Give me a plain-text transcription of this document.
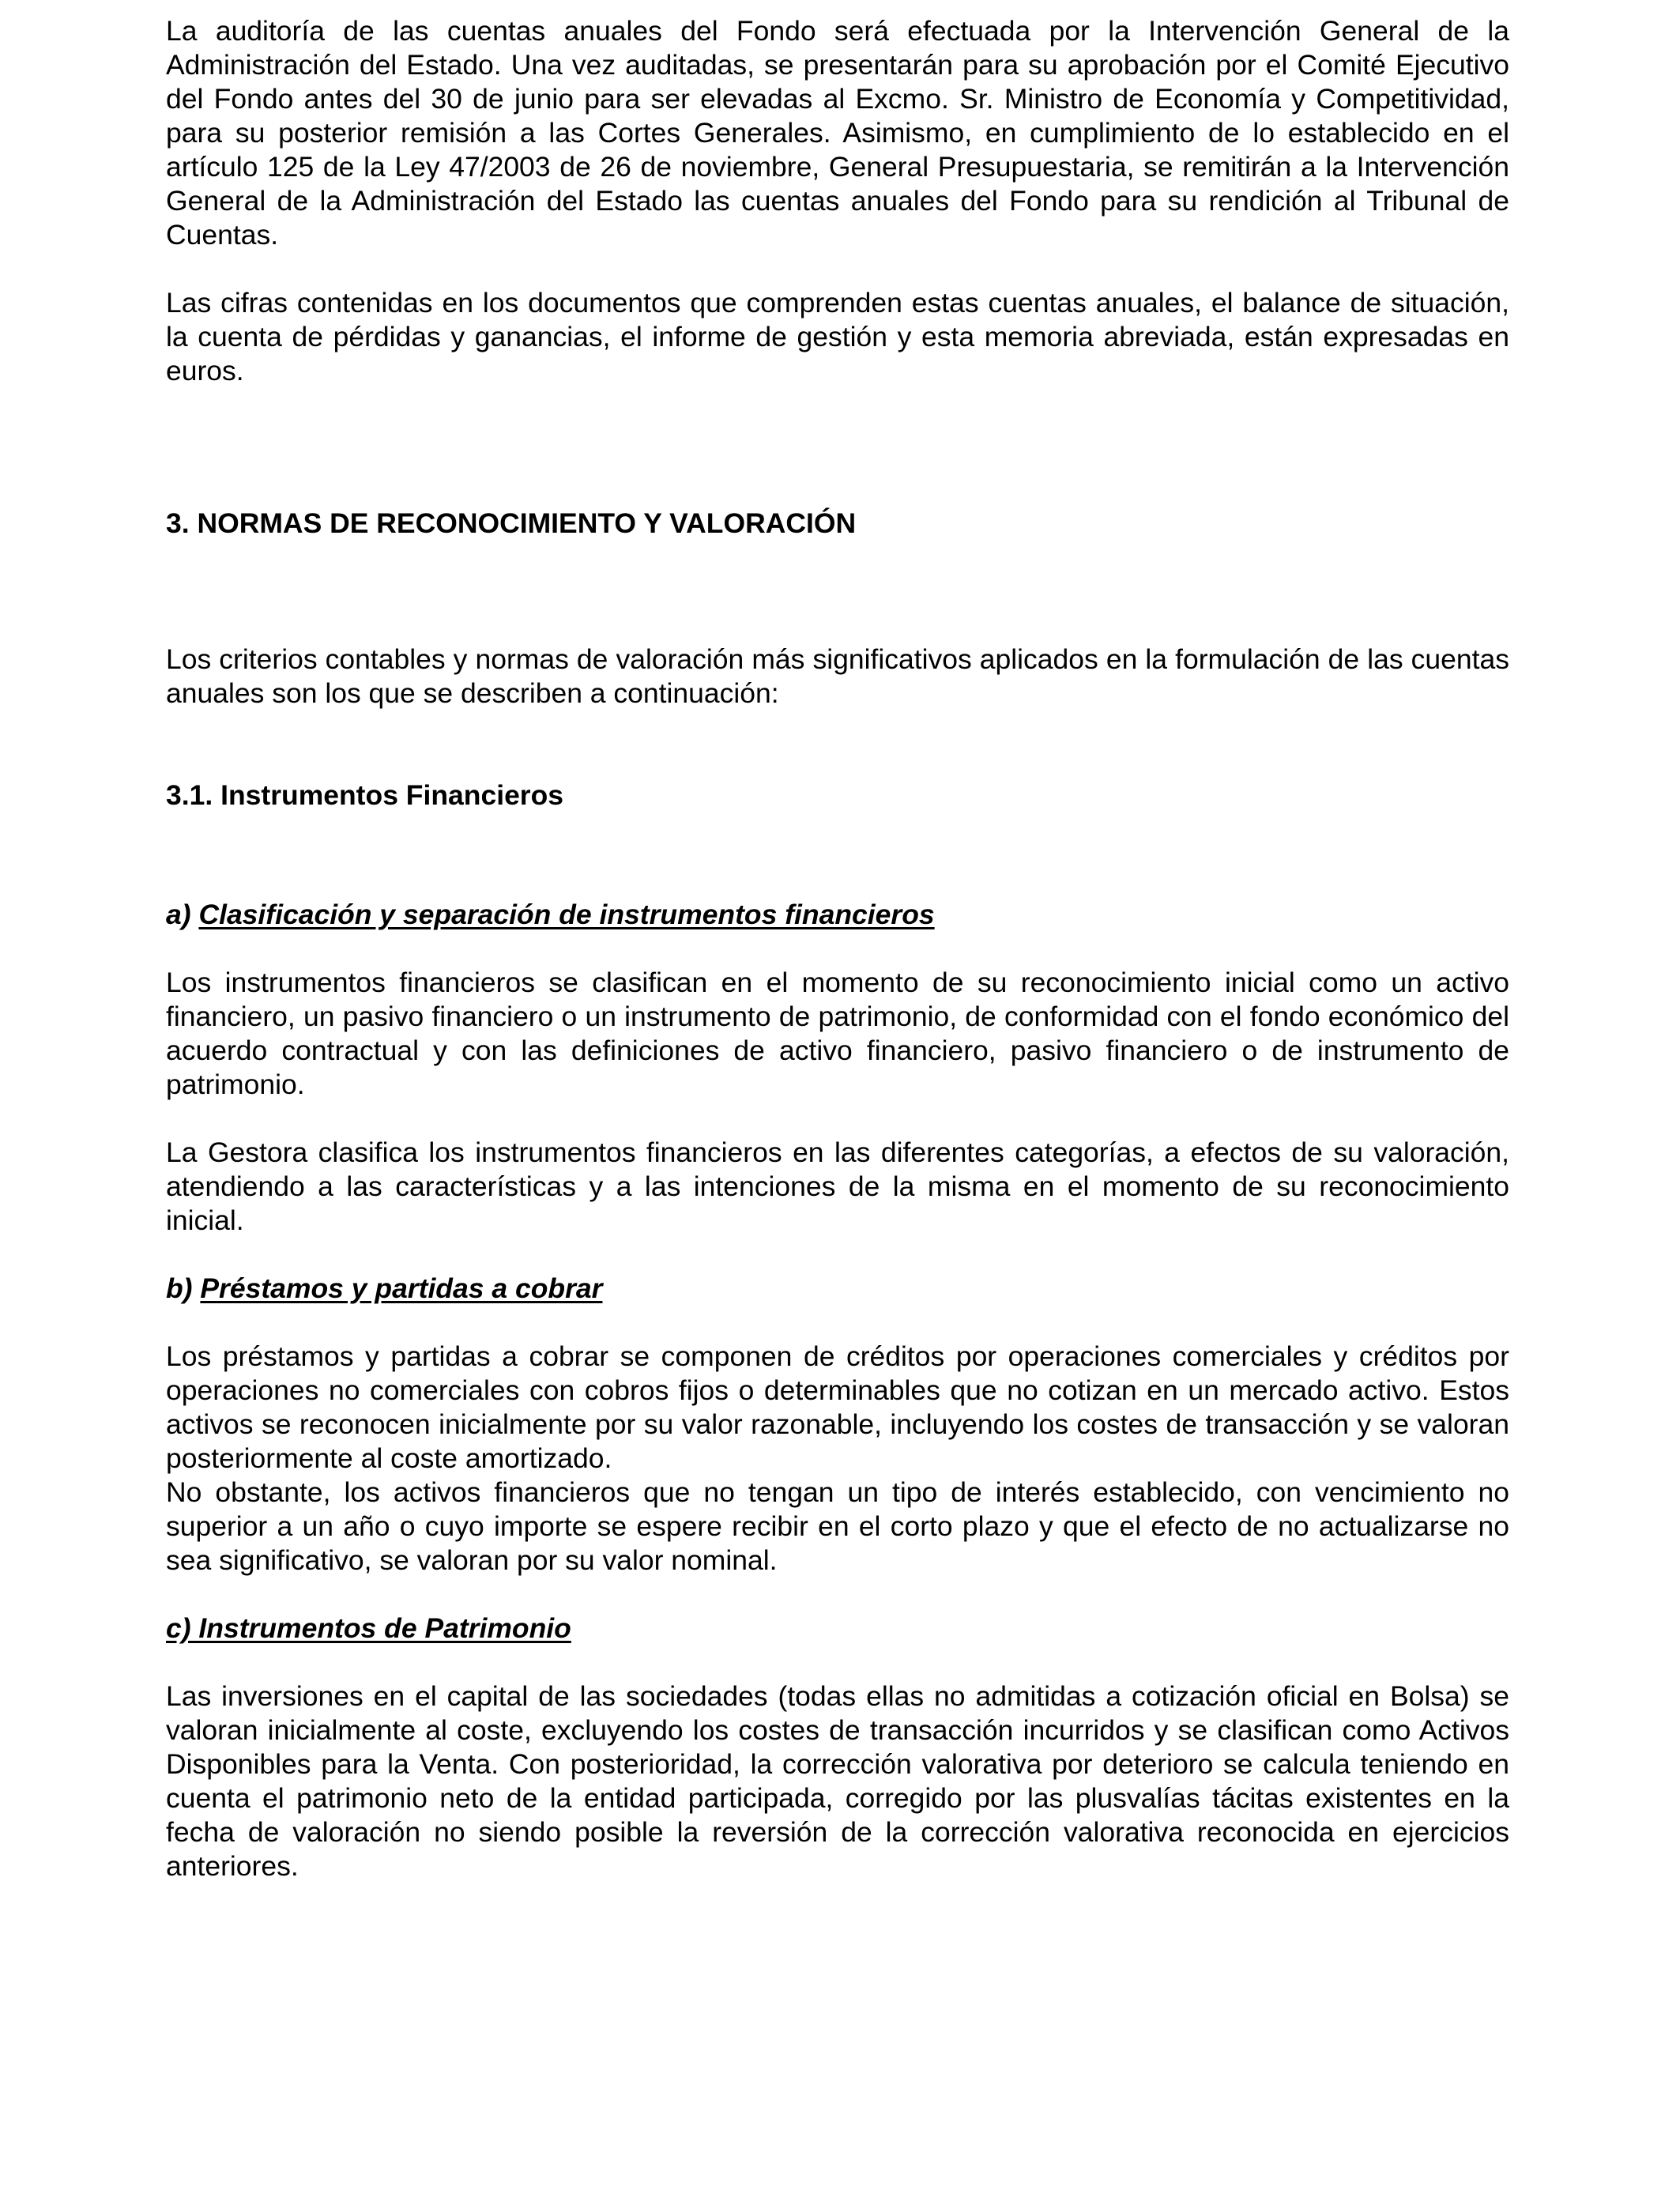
La auditoría de las cuentas anuales del Fondo será efectuada por la Intervención General de la Administración del Estado. Una vez auditadas, se presentarán para su aprobación por el Comité Ejecutivo del Fondo antes del 30 de junio para ser elevadas al Excmo. Sr. Ministro de Economía y Competitividad, para su posterior remisión a las Cortes Generales. Asimismo, en cumplimiento de lo establecido en el artículo 125 de la Ley 47/2003 de 26 de noviembre, General Presupuestaria, se remitirán a la Intervención General de la Administración del Estado las cuentas anuales del Fondo para su rendición al Tribunal de Cuentas.

Las cifras contenidas en los documentos que comprenden estas cuentas anuales, el balance de situación, la cuenta de pérdidas y ganancias, el informe de gestión y esta memoria abreviada, están expresadas en euros.

3. NORMAS DE RECONOCIMIENTO Y VALORACIÓN

Los criterios contables y normas de valoración más significativos aplicados en la formulación de las cuentas anuales son los que se describen a continuación:

3.1. Instrumentos Financieros
a) Clasificación y separación de instrumentos financieros

Los instrumentos financieros se clasifican en el momento de su reconocimiento inicial como un activo financiero, un pasivo financiero o un instrumento de patrimonio, de conformidad con el fondo económico del acuerdo contractual y con las definiciones de activo financiero, pasivo financiero o de instrumento de patrimonio.

La Gestora clasifica los instrumentos financieros en las diferentes categorías, a efectos de su valoración, atendiendo a las características y a las intenciones de la misma en el momento de su reconocimiento inicial.

b) Préstamos y partidas a cobrar

Los préstamos y partidas a cobrar se componen de créditos por operaciones comerciales y créditos por operaciones no comerciales con cobros fijos o determinables que no cotizan en un mercado activo. Estos activos se reconocen inicialmente por su valor razonable, incluyendo los costes de transacción y se valoran posteriormente al coste amortizado.

No obstante, los activos financieros que no tengan un tipo de interés establecido, con vencimiento no superior a un año o cuyo importe se espere recibir en el corto plazo y que el efecto de no actualizarse no sea significativo, se valoran por su valor nominal.

c) Instrumentos de Patrimonio

Las inversiones en el capital de las sociedades (todas ellas no admitidas a cotización oficial en Bolsa) se valoran inicialmente al coste, excluyendo los costes de transacción incurridos y se clasifican como Activos Disponibles para la Venta. Con posterioridad, la corrección valorativa por deterioro se calcula teniendo en cuenta el patrimonio neto de la entidad participada, corregido por las plusvalías tácitas existentes en la fecha de valoración no siendo posible la reversión de la corrección valorativa reconocida en ejercicios anteriores.
